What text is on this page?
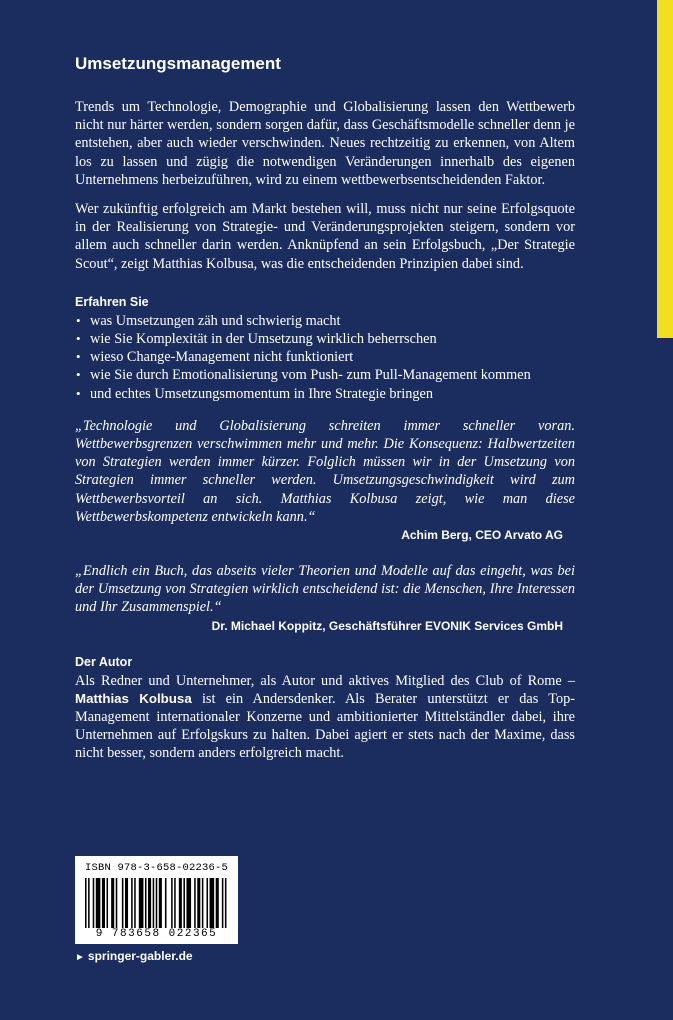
Umsetzungsmanagement

Trends um Technologie, Demographie und Globalisierung lassen den Wettbewerb nicht nur härter werden, sondern sorgen dafür, dass Geschäftsmodelle schneller denn je entstehen, aber auch wieder verschwinden. Neues rechtzeitig zu erkennen, von Altem los zu lassen und zügig die notwendigen Veränderungen innerhalb des eigenen Unternehmens herbeizuführen, wird zu einem wettbewerbsentscheidenden Faktor.

Wer zukünftig erfolgreich am Markt bestehen will, muss nicht nur seine Erfolgsquote in der Realisierung von Strategie- und Veränderungsprojekten steigern, sondern vor allem auch schneller darin werden. Anknüpfend an sein Erfolgsbuch, „Der Strategie Scout“, zeigt Matthias Kolbusa, was die entscheidenden Prinzipien dabei sind.

Erfahren Sie
• was Umsetzungen zäh und schwierig macht
• wie Sie Komplexität in der Umsetzung wirklich beherrschen
• wieso Change-Management nicht funktioniert
• wie Sie durch Emotionalisierung vom Push- zum Pull-Management kommen
• und echtes Umsetzungsmomentum in Ihre Strategie bringen

„Technologie und Globalisierung schreiten immer schneller voran. Wettbewerbsgrenzen verschwimmen mehr und mehr. Die Konsequenz: Halbwertzeiten von Strategien werden immer kürzer. Folglich müssen wir in der Umsetzung von Strategien immer schneller werden. Umsetzungsgeschwindigkeit wird zum Wettbewerbsvorteil an sich. Matthias Kolbusa zeigt, wie man diese Wettbewerbskompetenz entwickeln kann.“

Achim Berg, CEO Arvato AG

„Endlich ein Buch, das abseits vieler Theorien und Modelle auf das eingeht, was bei der Umsetzung von Strategien wirklich entscheidend ist: die Menschen, Ihre Interessen und Ihr Zusammenspiel.“

Dr. Michael Koppitz, Geschäftsführer EVONIK Services GmbH
Der Autor

Als Redner und Unternehmer, als Autor und aktives Mitglied des Club of Rome – Matthias Kolbusa ist ein Andersdenker. Als Berater unterstützt er das Top- Management internationaler Konzerne und ambitionierter Mittelständler dabei, ihre Unternehmen auf Erfolgskurs zu halten. Dabei agiert er stets nach der Maxime, dass nicht besser, sondern anders erfolgreich macht.

ISBN 978-3-658-02236-5
9 783658 022365
► springer-gabler.de
